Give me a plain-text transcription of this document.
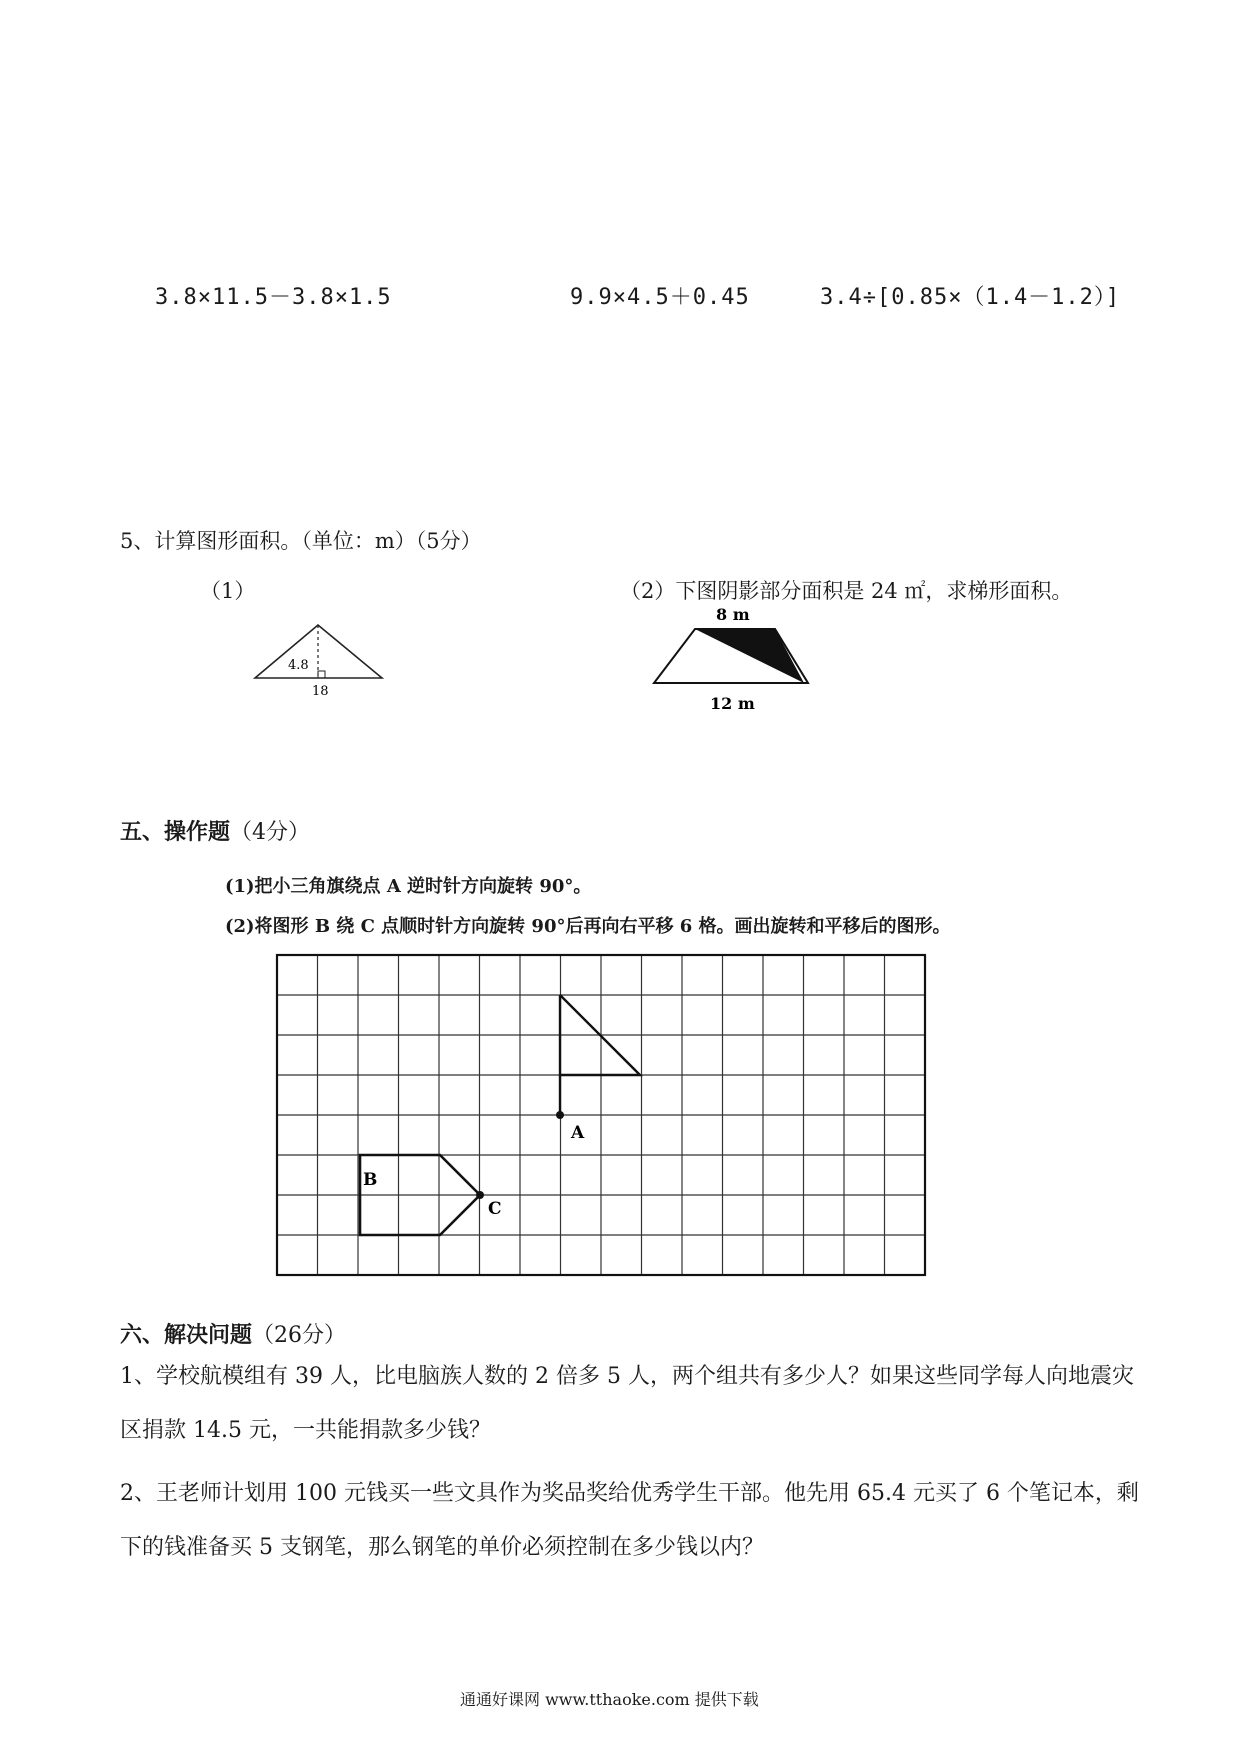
3.8×11.5－3.8×1.5	9.9×4.5＋0.45	3.4÷[0.85×（1.4－1.2）]
5、计算图形面积。（单位：m）（5分）
（1）	（2）下图阴影部分面积是 24 ㎡，求梯形面积。
4.8
18
8 m
12 m
五、操作题（4分）
(1)把小三角旗绕点 A 逆时针方向旋转 90°。
(2)将图形 B 绕 C 点顺时针方向旋转 90°后再向右平移 6 格。画出旋转和平移后的图形。
A
B
C
六、解决问题（26分）
1、学校航模组有 39 人，比电脑族人数的 2 倍多 5 人，两个组共有多少人？如果这些同学每人向地震灾区捐款 14.5 元，一共能捐款多少钱？
2、王老师计划用 100 元钱买一些文具作为奖品奖给优秀学生干部。他先用 65.4 元买了 6 个笔记本，剩下的钱准备买 5 支钢笔，那么钢笔的单价必须控制在多少钱以内？
通通好课网 www.tthaoke.com 提供下载
